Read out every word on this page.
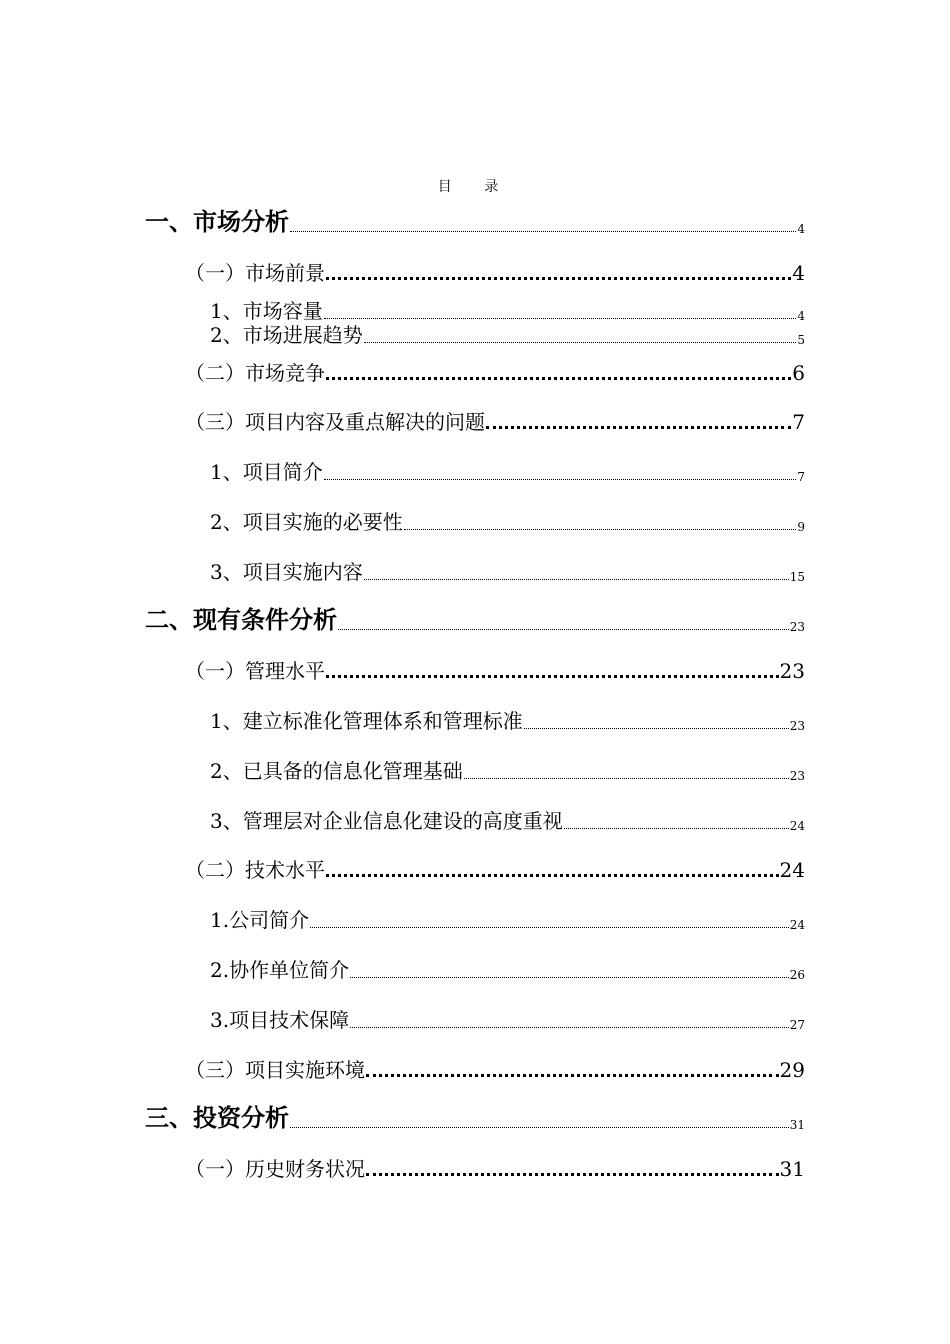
目 录
一、市场分析	4
（一）市场前景	4
1、市场容量	4
2、市场进展趋势	5
（二）市场竞争	6
（三）项目内容及重点解决的问题	7
1、项目简介	7
2、项目实施的必要性	9
3、项目实施内容	15
二、现有条件分析	23
（一）管理水平	23
1、建立标准化管理体系和管理标准	23
2、已具备的信息化管理基础	23
3、管理层对企业信息化建设的高度重视	24
（二）技术水平	24
1.公司简介	24
2.协作单位简介	26
3.项目技术保障	27
（三）项目实施环境	29
三、投资分析	31
（一）历史财务状况	31
